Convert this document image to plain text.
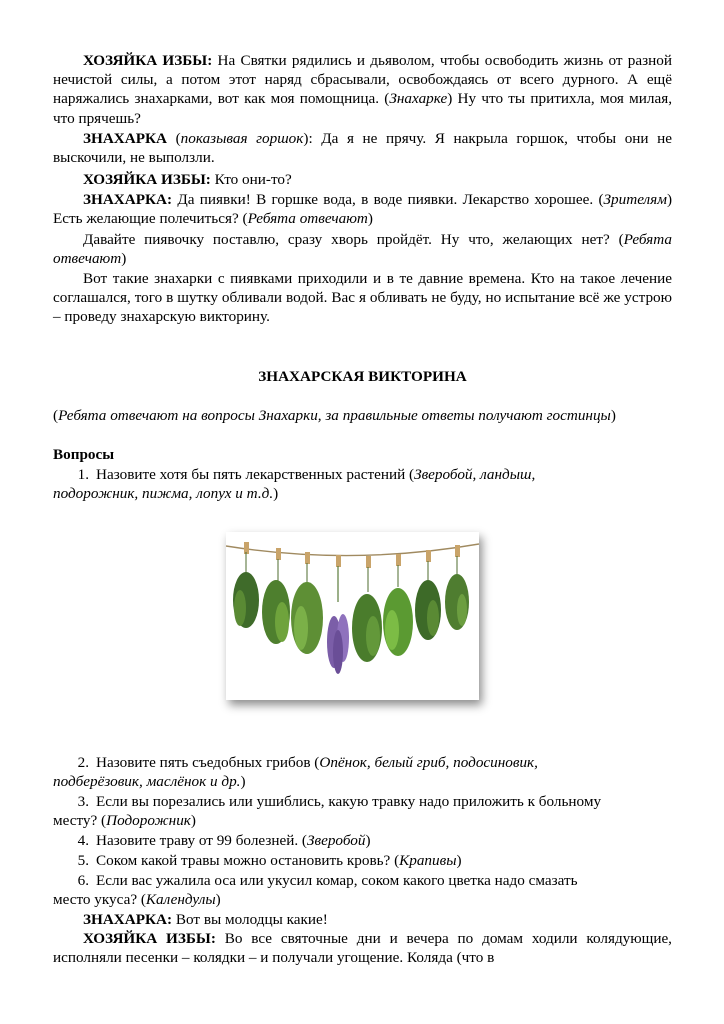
ХОЗЯЙКА ИЗБЫ: На Святки рядились и дьяволом, чтобы освободить жизнь от разной нечистой силы, а потом этот наряд сбрасывали, освобождаясь от всего дурного. А ещё наряжались знахарками, вот как моя помощница. (Знахарке) Ну что ты притихла, моя милая, что прячешь?

ЗНАХАРКА (показывая горшок): Да я не прячу. Я накрыла горшок, чтобы они не выскочили, не выползли.

ХОЗЯЙКА ИЗБЫ: Кто они-то?

ЗНАХАРКА: Да пиявки! В горшке вода, в воде пиявки. Лекарство хорошее. (Зрителям) Есть желающие полечиться? (Ребята отвечают)

Давайте пиявочку поставлю, сразу хворь пройдёт. Ну что, желающих нет? (Ребята отвечают)

Вот такие знахарки с пиявками приходили и в те давние времена. Кто на такое лечение соглашался, того в шутку обливали водой. Вас я обливать не буду, но испытание всё же устрою – проведу знахарскую викторину.

ЗНАХАРСКАЯ ВИКТОРИНА

(Ребята отвечают на вопросы Знахарки, за правильные ответы получают гостинцы)

Вопросы

1. Назовите хотя бы пять лекарственных растений (Зверобой, ландыш, подорожник, пижма, лопух и т.д.)

2. Назовите пять съедобных грибов (Опёнок, белый гриб, подосиновик, подберёзовик, маслёнок и др.)

3. Если вы порезались или ушиблись, какую травку надо приложить к больному месту? (Подорожник)

4. Назовите траву от 99 болезней. (Зверобой)

5. Соком какой травы можно остановить кровь? (Крапивы)

6. Если вас ужалила оса или укусил комар, соком какого цветка надо смазать место укуса? (Календулы)

ЗНАХАРКА: Вот вы молодцы какие!

ХОЗЯЙКА ИЗБЫ: Во все святочные дни и вечера по домам ходили колядующие, исполняли песенки – колядки – и получали угощение. Коляда (что в
